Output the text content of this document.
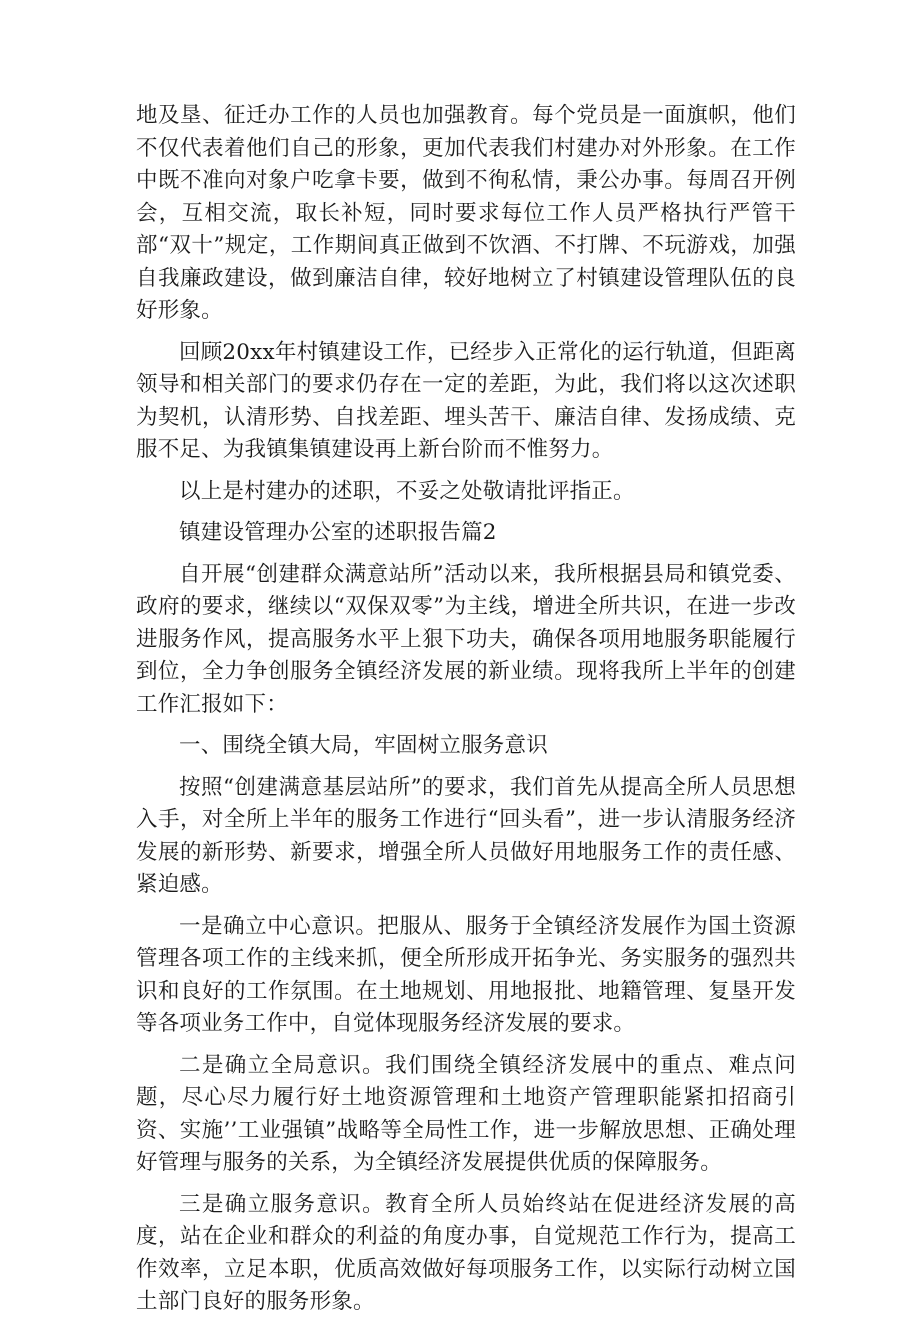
地及垦、征迁办工作的人员也加强教育。每个党员是一面旗帜，他们不仅代表着他们自己的形象，更加代表我们村建办对外形象。在工作中既不准向对象户吃拿卡要，做到不徇私情，秉公办事。每周召开例会，互相交流，取长补短，同时要求每位工作人员严格执行严管干部“双十”规定，工作期间真正做到不饮酒、不打牌、不玩游戏，加强自我廉政建设，做到廉洁自律，较好地树立了村镇建设管理队伍的良好形象。

回顾20xx年村镇建设工作，已经步入正常化的运行轨道，但距离领导和相关部门的要求仍存在一定的差距，为此，我们将以这次述职为契机，认清形势、自找差距、埋头苦干、廉洁自律、发扬成绩、克服不足、为我镇集镇建设再上新台阶而不惟努力。

以上是村建办的述职，不妥之处敬请批评指正。

镇建设管理办公室的述职报告篇2

自开展“创建群众满意站所”活动以来，我所根据县局和镇党委、政府的要求，继续以“双保双零”为主线，增进全所共识，在进一步改进服务作风，提高服务水平上狠下功夫，确保各项用地服务职能履行到位，全力争创服务全镇经济发展的新业绩。现将我所上半年的创建工作汇报如下：

一、围绕全镇大局，牢固树立服务意识

按照“创建满意基层站所”的要求，我们首先从提高全所人员思想入手，对全所上半年的服务工作进行“回头看”，进一步认清服务经济发展的新形势、新要求，增强全所人员做好用地服务工作的责任感、紧迫感。

一是确立中心意识。把服从、服务于全镇经济发展作为国土资源管理各项工作的主线来抓，便全所形成开拓争光、务实服务的强烈共识和良好的工作氛围。在土地规划、用地报批、地籍管理、复垦开发等各项业务工作中，自觉体现服务经济发展的要求。

二是确立全局意识。我们围绕全镇经济发展中的重点、难点问题，尽心尽力履行好土地资源管理和土地资产管理职能紧扣招商引资、实施’’工业强镇”战略等全局性工作，进一步解放思想、正确处理好管理与服务的关系，为全镇经济发展提供优质的保障服务。

三是确立服务意识。教育全所人员始终站在促进经济发展的高度，站在企业和群众的利益的角度办事，自觉规范工作行为，提高工作效率，立足本职，优质高效做好每项服务工作，以实际行动树立国土部门良好的服务形象。
